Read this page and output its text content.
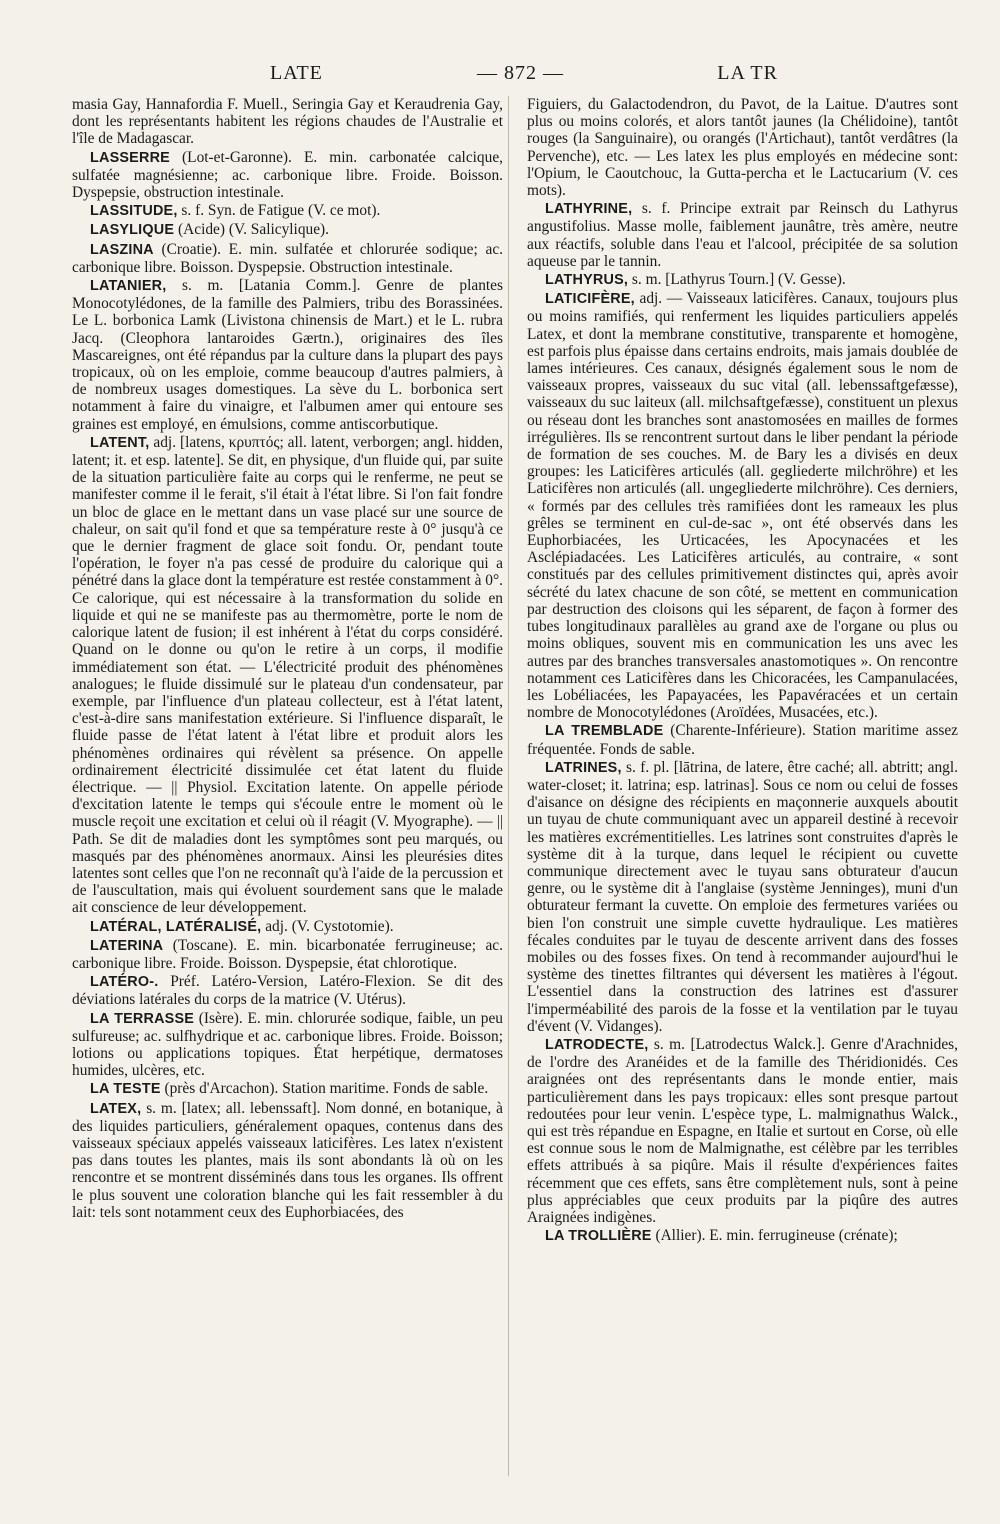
LATE	— 872 —	LA TR

masia Gay, Hannafordia F. Muell., Seringia Gay et Keraudrenia Gay, dont les représentants habitent les régions chaudes de l'Australie et l'île de Madagascar.

LASSERRE (Lot-et-Garonne). E. min. carbonatée calcique, sulfatée magnésienne; ac. carbonique libre. Froide. Boisson. Dyspepsie, obstruction intestinale.

LASSITUDE, s. f. Syn. de Fatigue (V. ce mot).

LASYLIQUE (Acide) (V. Salicylique).

LASZINA (Croatie). E. min. sulfatée et chlorurée sodique; ac. carbonique libre. Boisson. Dyspepsie. Obstruction intestinale.

LATANIER, s. m. [Latania Comm.]. Genre de plantes Monocotylédones, de la famille des Palmiers, tribu des Borassinées. Le L. borbonica Lamk (Livistona chinensis de Mart.) et le L. rubra Jacq. (Cleophora lantaroides Gærtn.), originaires des îles Mascareignes, ont été répandus par la culture dans la plupart des pays tropicaux, où on les emploie, comme beaucoup d'autres palmiers, à de nombreux usages domestiques. La sève du L. borbonica sert notamment à faire du vinaigre, et l'albumen amer qui entoure ses graines est employé, en émulsions, comme antiscorbutique.

LATENT, adj. [latens, κρυπτός; all. latent, verborgen; angl. hidden, latent; it. et esp. latente]. Se dit, en physique, d'un fluide qui, par suite de la situation particulière faite au corps qui le renferme, ne peut se manifester comme il le ferait, s'il était à l'état libre. Si l'on fait fondre un bloc de glace en le mettant dans un vase placé sur une source de chaleur, on sait qu'il fond et que sa température reste à 0° jusqu'à ce que le dernier fragment de glace soit fondu. Or, pendant toute l'opération, le foyer n'a pas cessé de produire du calorique qui a pénétré dans la glace dont la température est restée constamment à 0°. Ce calorique, qui est nécessaire à la transformation du solide en liquide et qui ne se manifeste pas au thermomètre, porte le nom de calorique latent de fusion; il est inhérent à l'état du corps considéré. Quand on le donne ou qu'on le retire à un corps, il modifie immédiatement son état. — L'électricité produit des phénomènes analogues; le fluide dissimulé sur le plateau d'un condensateur, par exemple, par l'influence d'un plateau collecteur, est à l'état latent, c'est-à-dire sans manifestation extérieure. Si l'influence disparaît, le fluide passe de l'état latent à l'état libre et produit alors les phénomènes ordinaires qui révèlent sa présence. On appelle ordinairement électricité dissimulée cet état latent du fluide électrique. — || Physiol. Excitation latente. On appelle période d'excitation latente le temps qui s'écoule entre le moment où le muscle reçoit une excitation et celui où il réagit (V. Myographe). — || Path. Se dit de maladies dont les symptômes sont peu marqués, ou masqués par des phénomènes anormaux. Ainsi les pleurésies dites latentes sont celles que l'on ne reconnaît qu'à l'aide de la percussion et de l'auscultation, mais qui évoluent sourdement sans que le malade ait conscience de leur développement.

LATÉRAL, LATÉRALISÉ, adj. (V. Cystotomie).

LATERINA (Toscane). E. min. bicarbonatée ferrugineuse; ac. carbonique libre. Froide. Boisson. Dyspepsie, état chlorotique.

LATÉRO-. Préf. Latéro-Version, Latéro-Flexion. Se dit des déviations latérales du corps de la matrice (V. Utérus).

LA TERRASSE (Isère). E. min. chlorurée sodique, faible, un peu sulfureuse; ac. sulfhydrique et ac. carbonique libres. Froide. Boisson; lotions ou applications topiques. État herpétique, dermatoses humides, ulcères, etc.

LA TESTE (près d'Arcachon). Station maritime. Fonds de sable.

LATEX, s. m. [latex; all. lebenssaft]. Nom donné, en botanique, à des liquides particuliers, généralement opaques, contenus dans des vaisseaux spéciaux appelés vaisseaux laticifères. Les latex n'existent pas dans toutes les plantes, mais ils sont abondants là où on les rencontre et se montrent disséminés dans tous les organes. Ils offrent le plus souvent une coloration blanche qui les fait ressembler à du lait: tels sont notamment ceux des Euphorbiacées, des

Figuiers, du Galactodendron, du Pavot, de la Laitue. D'autres sont plus ou moins colorés, et alors tantôt jaunes (la Chélidoine), tantôt rouges (la Sanguinaire), ou orangés (l'Artichaut), tantôt verdâtres (la Pervenche), etc. — Les latex les plus employés en médecine sont: l'Opium, le Caoutchouc, la Gutta-percha et le Lactucarium (V. ces mots).

LATHYRINE, s. f. Principe extrait par Reinsch du Lathyrus angustifolius. Masse molle, faiblement jaunâtre, très amère, neutre aux réactifs, soluble dans l'eau et l'alcool, précipitée de sa solution aqueuse par le tannin.

LATHYRUS, s. m. [Lathyrus Tourn.] (V. Gesse).

LATICIFÈRE, adj. — Vaisseaux laticifères. Canaux, toujours plus ou moins ramifiés, qui renferment les liquides particuliers appelés Latex, et dont la membrane constitutive, transparente et homogène, est parfois plus épaisse dans certains endroits, mais jamais doublée de lames intérieures. Ces canaux, désignés également sous le nom de vaisseaux propres, vaisseaux du suc vital (all. lebenssaftgefæsse), vaisseaux du suc laiteux (all. milchsaftgefæsse), constituent un plexus ou réseau dont les branches sont anastomosées en mailles de formes irrégulières. Ils se rencontrent surtout dans le liber pendant la période de formation de ses couches. M. de Bary les a divisés en deux groupes: les Laticifères articulés (all. gegliederte milchröhre) et les Laticifères non articulés (all. ungegliederte milchröhre). Ces derniers, « formés par des cellules très ramifiées dont les rameaux les plus grêles se terminent en cul-de-sac », ont été observés dans les Euphorbiacées, les Urticacées, les Apocynacées et les Asclépiadacées. Les Laticifères articulés, au contraire, « sont constitués par des cellules primitivement distinctes qui, après avoir sécrété du latex chacune de son côté, se mettent en communication par destruction des cloisons qui les séparent, de façon à former des tubes longitudinaux parallèles au grand axe de l'organe ou plus ou moins obliques, souvent mis en communication les uns avec les autres par des branches transversales anastomotiques ». On rencontre notamment ces Laticifères dans les Chicoracées, les Campanulacées, les Lobéliacées, les Papayacées, les Papavéracées et un certain nombre de Monocotylédones (Aroïdées, Musacées, etc.).

LA TREMBLADE (Charente-Inférieure). Station maritime assez fréquentée. Fonds de sable.

LATRINES, s. f. pl. [lātrina, de latere, être caché; all. abtritt; angl. water-closet; it. latrina; esp. latrinas]. Sous ce nom ou celui de fosses d'aisance on désigne des récipients en maçonnerie auxquels aboutit un tuyau de chute communiquant avec un appareil destiné à recevoir les matières excrémentitielles. Les latrines sont construites d'après le système dit à la turque, dans lequel le récipient ou cuvette communique directement avec le tuyau sans obturateur d'aucun genre, ou le système dit à l'anglaise (système Jenninges), muni d'un obturateur fermant la cuvette. On emploie des fermetures variées ou bien l'on construit une simple cuvette hydraulique. Les matières fécales conduites par le tuyau de descente arrivent dans des fosses mobiles ou des fosses fixes. On tend à recommander aujourd'hui le système des tinettes filtrantes qui déversent les matières à l'égout. L'essentiel dans la construction des latrines est d'assurer l'imperméabilité des parois de la fosse et la ventilation par le tuyau d'évent (V. Vidanges).

LATRODECTE, s. m. [Latrodectus Walck.]. Genre d'Arachnides, de l'ordre des Aranéides et de la famille des Théridionidés. Ces araignées ont des représentants dans le monde entier, mais particulièrement dans les pays tropicaux: elles sont presque partout redoutées pour leur venin. L'espèce type, L. malmignathus Walck., qui est très répandue en Espagne, en Italie et surtout en Corse, où elle est connue sous le nom de Malmignathe, est célèbre par les terribles effets attribués à sa piqûre. Mais il résulte d'expériences faites récemment que ces effets, sans être complètement nuls, sont à peine plus appréciables que ceux produits par la piqûre des autres Araignées indigènes.

LA TROLLIÈRE (Allier). E. min. ferrugineuse (crénate);
